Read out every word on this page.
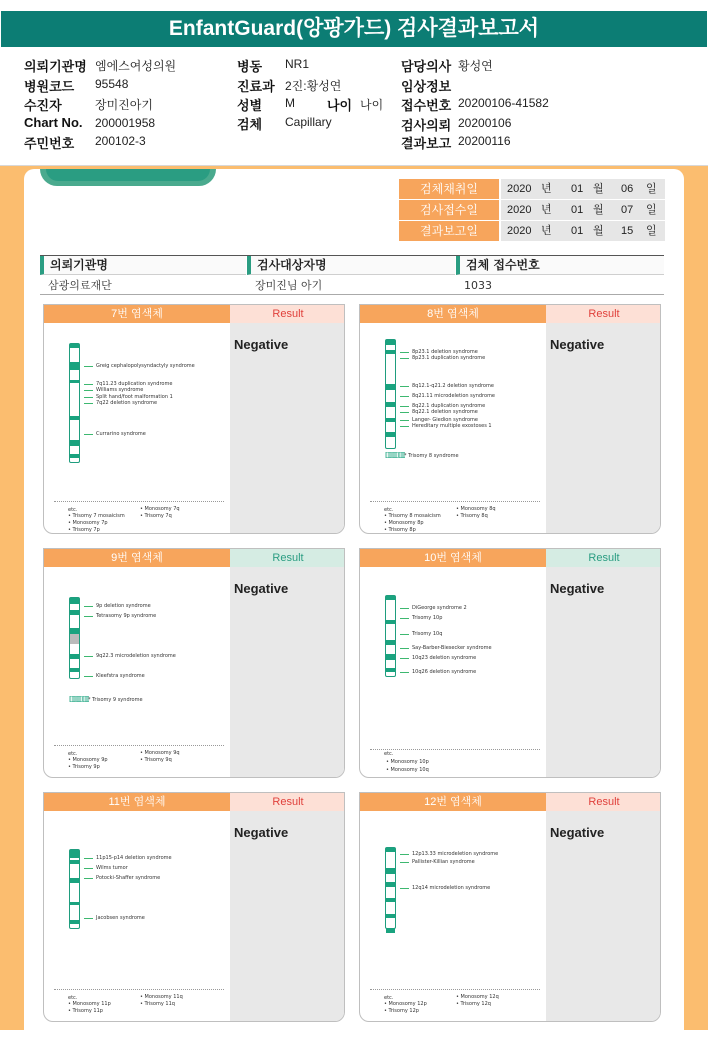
EnfantGuard(앙팡가드) 검사결과보고서
의뢰기관명 엠에스여성의원
병원코드 95548
수진자	장미진아기
Chart No. 200001958
주민번호 200102-3
병동 NR1
진료과 2진:황성연
성별 M 나이 나이
검체 Capillary
담당의사 황성연
임상정보
접수번호 20200106-41582
검사의뢰 20200106
결과보고 20200116
검체채취일	2020 년 01 월 06 일
검사접수일	2020 년 01 월 07 일
결과보고일	2020 년 01 월 15 일
의뢰기관명	검사대상자명	검체 접수번호
삼광의료재단	장미진님 아기	1033
7번 염색체	Result
Negative
Greig cephalopolysyndactyly syndrome
7q11.23 duplication syndrome
Williams syndrome
Split hand/foot malformation 1
7q22 deletion syndrome
Currarino syndrome
etc.
• Trisomy 7 mosaicism
• Monosomy 7p
• Trisomy 7p
• Monosomy 7q
• Trisomy 7q
8번 염색체	Result
Negative
8p23.1 deletion syndrome
8p23.1 duplication syndrome
8q12.1-q21.2 deletion syndrome
8q21.11 microdeletion syndrome
8q22.1 duplication syndrome
8q22.1 deletion syndrome
Langer- Giedion syndrome
Hereditary multiple exostoses 1
▥▥▥ * Trisomy 8 syndrome
etc.
• Trisomy 8 mosaicism
• Monosomy 8p
• Trisomy 8p
• Monosomy 8q
• Trisomy 8q
9번 염색체	Result
Negative
9p deletion syndrome
Tetrasomy 9p syndrome
9q22.3 microdeletion syndrome
Kleefstra syndrome
▥▥▥ * Trisomy 9 syndrome
etc.
• Monosomy 9p
• Trisomy 9p
• Monosomy 9q
• Trisomy 9q
10번 염색체	Result
Negative
DiGeorge syndrome 2
Trisomy 10p
Trisomy 10q
Say-Barber-Biesecker syndrome
10q23 deletion syndrome
10q26 deletion syndrome
etc.
• Monosomy 10p
• Monosomy 10q
11번 염색체	Result
Negative
11p15-p14 deletion syndrome
Wilms tumor
Potocki-Shaffer syndrome
Jacobsen syndrome
etc.
• Monosomy 11p
• Trisomy 11p
• Monosomy 11q
• Trisomy 11q
12번 염색체	Result
Negative
12p13.33 microdeletion syndrome
Pallister-Killian syndrome
12q14 microdeletion syndrome
etc.
• Monosomy 12p
• Trisomy 12p
• Monosomy 12q
• Trisomy 12q
